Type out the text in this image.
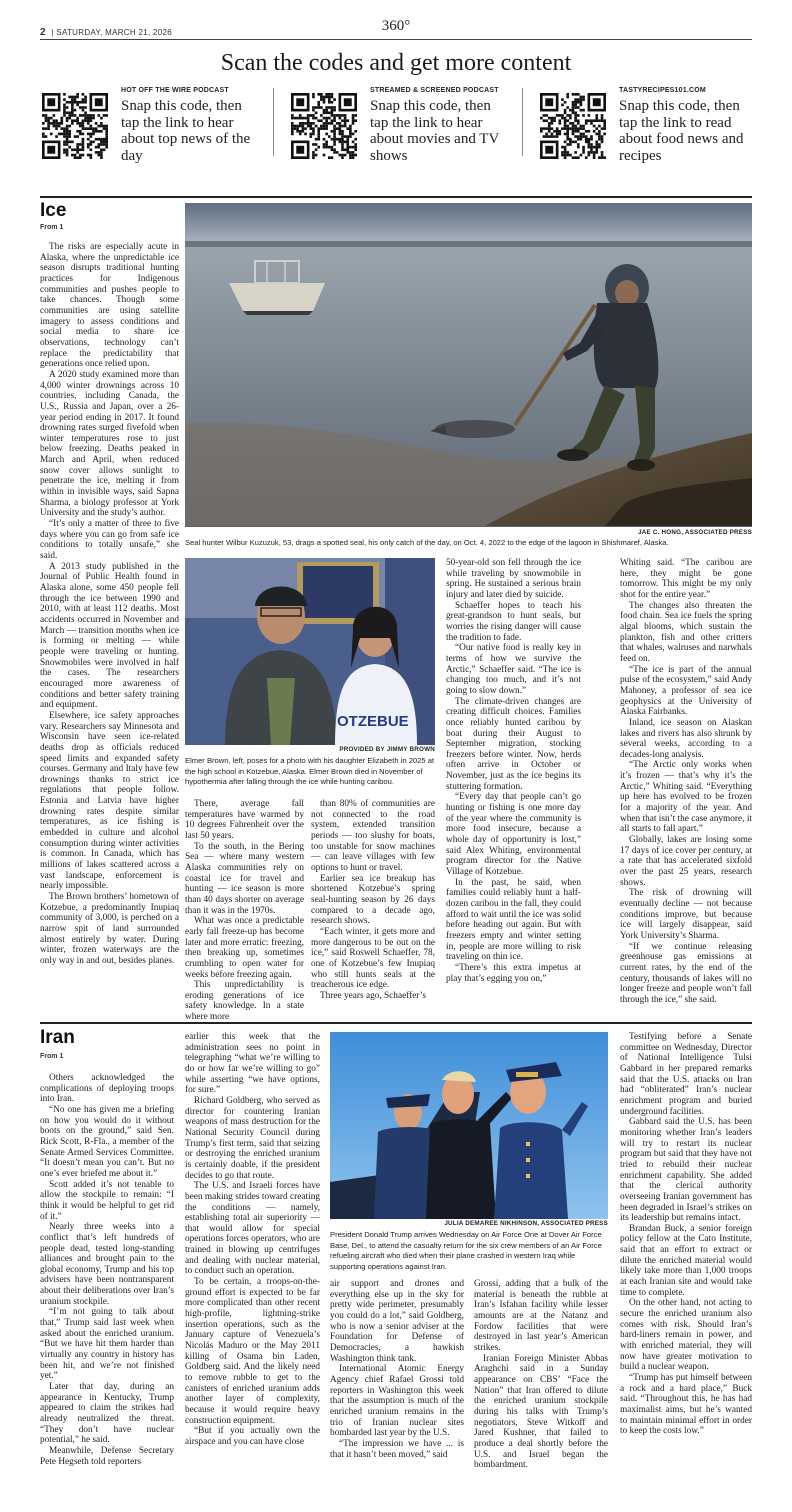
2 | SATURDAY, MARCH 21, 2026	360°
Scan the codes and get more content
HOT OFF THE WIRE PODCAST
Snap this code, then tap the link to hear about top news of the day
STREAMED & SCREENED PODCAST
Snap this code, then tap the link to hear about movies and TV shows
TASTYRECIPES101.COM
Snap this code, then tap the link to read about food news and recipes
Ice
From 1
JAE C. HONG, ASSOCIATED PRESS
Seal hunter Wilbur Kuzuzuk, 53, drags a spotted seal, his only catch of the day, on Oct. 4, 2022 to the edge of the lagoon in Shishmaref, Alaska.
OTZEBUE
PROVIDED BY JIMMY BROWN
Elmer Brown, left, poses for a photo with his daughter Elizabeth in 2025 at the high school in Kotzebue, Alaska. Elmer Brown died in November of hypothermia after falling through the ice while hunting caribou.

The risks are especially acute in Alaska, where the unpredictable ice season disrupts traditional hunting practices for Indigenous communities and pushes people to take chances. Though some communities are using satellite imagery to assess conditions and social media to share ice observations, technology can’t replace the predictability that generations once relied upon.

A 2020 study examined more than 4,000 winter drownings across 10 countries, including Canada, the U.S., Russia and Japan, over a 26-year period ending in 2017. It found drowning rates surged fivefold when winter temperatures rose to just below freezing. Deaths peaked in March and April, when reduced snow cover allows sunlight to penetrate the ice, melting it from within in invisible ways, said Sapna Sharma, a biology professor at York University and the study’s author.

“It’s only a matter of three to five days where you can go from safe ice conditions to totally unsafe,” she said.

A 2013 study published in the Journal of Public Health found in Alaska alone, some 450 people fell through the ice between 1990 and 2010, with at least 112 deaths. Most accidents occurred in November and March — transition months when ice is forming or melting — while people were traveling or hunting. Snowmobiles were involved in half the cases. The researchers encouraged more awareness of conditions and better safety training and equipment.

Elsewhere, ice safety approaches vary. Researchers say Minnesota and Wisconsin have seen ice-related deaths drop as officials reduced speed limits and expanded safety courses. Germany and Italy have few drownings thanks to strict ice regulations that people follow. Estonia and Latvia have higher drowning rates despite similar temperatures, as ice fishing is embedded in culture and alcohol consumption during winter activities is common. In Canada, which has millions of lakes scattered across a vast landscape, enforcement is nearly impossible.

The Brown brothers’ hometown of Kotzebue, a predominantly Inupiaq community of 3,000, is perched on a narrow spit of land surrounded almost entirely by water. During winter, frozen waterways are the only way in and out, besides planes.

There, average fall temperatures have warmed by 10 degrees Fahrenheit over the last 50 years.

To the south, in the Bering Sea — where many western Alaska communities rely on coastal ice for travel and hunting — ice season is more than 40 days shorter on average than it was in the 1970s.

What was once a predictable early fall freeze-up has become later and more erratic: freezing, then breaking up, sometimes crumbling to open water for weeks before freezing again.

This unpredictability is eroding generations of ice safety knowledge. In a state where more

than 80% of communities are not connected to the road system, extended transition periods — too slushy for boats, too unstable for snow machines — can leave villages with few options to hunt or travel.

Earlier sea ice breakup has shortened Kotzebue’s spring seal-hunting season by 26 days compared to a decade ago, research shows.

“Each winter, it gets more and more dangerous to be out on the ice,” said Roswell Schaeffer, 78, one of Kotzebue’s few Inupiaq who still hunts seals at the treacherous ice edge.

Three years ago, Schaeffer’s

50-year-old son fell through the ice while traveling by snowmobile in spring. He sustained a serious brain injury and later died by suicide.

Schaeffer hopes to teach his great-grandson to hunt seals, but worries the rising danger will cause the tradition to fade.

“Our native food is really key in terms of how we survive the Arctic,” Schaeffer said. “The ice is changing too much, and it’s not going to slow down.”

The climate-driven changes are creating difficult choices. Families once reliably hunted caribou by boat during their August to September migration, stocking freezers before winter. Now, herds often arrive in October or November, just as the ice begins its stuttering formation.

“Every day that people can’t go hunting or fishing is one more day of the year where the community is more food insecure, because a whole day of opportunity is lost,” said Alex Whiting, environmental program director for the Native Village of Kotzebue.

In the past, he said, when families could reliably hunt a half-dozen caribou in the fall, they could afford to wait until the ice was solid before heading out again. But with freezers empty and winter setting in, people are more willing to risk traveling on thin ice.

“There’s this extra impetus at play that’s egging you on,”

Whiting said. “The caribou are here, they might be gone tomorrow. This might be my only shot for the entire year.”

The changes also threaten the food chain. Sea ice fuels the spring algal blooms, which sustain the plankton, fish and other critters that whales, walruses and narwhals feed on.

“The ice is part of the annual pulse of the ecosystem,” said Andy Mahoney, a professor of sea ice geophysics at the University of Alaska Fairbanks.

Inland, ice season on Alaskan lakes and rivers has also shrunk by several weeks, according to a decades-long analysis.

“The Arctic only works when it’s frozen — that’s why it’s the Arctic,” Whiting said. “Everything up here has evolved to be frozen for a majority of the year. And when that isn’t the case anymore, it all starts to fall apart.”

Globally, lakes are losing some 17 days of ice cover per century, at a rate that has accelerated sixfold over the past 25 years, research shows.

The risk of drowning will eventually decline — not because conditions improve, but because ice will largely disappear, said York University’s Sharma.

“If we continue releasing greenhouse gas emissions at current rates, by the end of the century, thousands of lakes will no longer freeze and people won’t fall through the ice,” she said.

Iran
From 1
JULIA DEMAREE NIKHINSON, ASSOCIATED PRESS
President Donald Trump arrives Wednesday on Air Force One at Dover Air Force Base, Del., to attend the casualty return for the six crew members of an Air Force refueling aircraft who died when their plane crashed in western Iraq while supporting operations against Iran.

Others acknowledged the complications of deploying troops into Iran.

“No one has given me a briefing on how you would do it without boots on the ground,” said Sen. Rick Scott, R-Fla., a member of the Senate Armed Services Committee. “It doesn’t mean you can’t. But no one’s ever briefed me about it.”

Scott added it’s not tenable to allow the stockpile to remain: “I think it would be helpful to get rid of it.”

Nearly three weeks into a conflict that’s left hundreds of people dead, tested long-standing alliances and brought pain to the global economy, Trump and his top advisers have been nontransparent about their deliberations over Iran’s uranium stockpile.

“I’m not going to talk about that,” Trump said last week when asked about the enriched uranium. “But we have hit them harder than virtually any country in history has been hit, and we’re not finished yet.”

Later that day, during an appearance in Kentucky, Trump appeared to claim the strikes had already neutralized the threat. “They don’t have nuclear potential,” he said.

Meanwhile, Defense Secretary Pete Hegseth told reporters

earlier this week that the administration sees no point in telegraphing “what we’re willing to do or how far we’re willing to go” while asserting “we have options, for sure.”

Richard Goldberg, who served as director for countering Iranian weapons of mass destruction for the National Security Council during Trump’s first term, said that seizing or destroying the enriched uranium is certainly doable, if the president decides to go that route.

The U.S. and Israeli forces have been making strides toward creating the conditions — namely, establishing total air superiority — that would allow for special operations forces operators, who are trained in blowing up centrifuges and dealing with nuclear material, to conduct such an operation.

To be certain, a troops-on-the-ground effort is expected to be far more complicated than other recent high-profile, lightning-strike insertion operations, such as the January capture of Venezuela’s Nicolás Maduro or the May 2011 killing of Osama bin Laden, Goldberg said. And the likely need to remove rubble to get to the canisters of enriched uranium adds another layer of complexity, because it would require heavy construction equipment.

“But if you actually own the airspace and you can have close

air support and drones and everything else up in the sky for pretty wide perimeter, presumably you could do a lot,” said Goldberg, who is now a senior adviser at the Foundation for Defense of Democracies, a hawkish Washington think tank.

International Atomic Energy Agency chief Rafael Grossi told reporters in Washington this week that the assumption is much of the enriched uranium remains in the trio of Iranian nuclear sites bombarded last year by the U.S.

“The impression we have ... is that it hasn’t been moved,” said

Grossi, adding that a bulk of the material is beneath the rubble at Iran’s Isfahan facility while lesser amounts are at the Natanz and Fordow facilities that were destroyed in last year’s American strikes.

Iranian Foreign Minister Abbas Araghchi said in a Sunday appearance on CBS’ “Face the Nation” that Iran offered to dilute the enriched uranium stockpile during his talks with Trump’s negotiators, Steve Witkoff and Jared Kushner, that failed to produce a deal shortly before the U.S. and Israel began the bombardment.

Testifying before a Senate committee on Wednesday, Director of National Intelligence Tulsi Gabbard in her prepared remarks said that the U.S. attacks on Iran had “obliterated” Iran’s nuclear enrichment program and buried underground facilities.

Gabbard said the U.S. has been monitoring whether Iran’s leaders will try to restart its nuclear program but said that they have not tried to rebuild their nuclear enrichment capability. She added that the clerical authority overseeing Iranian government has been degraded in Israel’s strikes on its leadership but remains intact.

Brandan Buck, a senior foreign policy fellow at the Cato Institute, said that an effort to extract or dilute the enriched material would likely take more than 1,000 troops at each Iranian site and would take time to complete.

On the other hand, not acting to secure the enriched uranium also comes with risk. Should Iran’s hard-liners remain in power, and with enriched material, they will now have greater motivation to build a nuclear weapon.

“Trump has put himself between a rock and a hard place,” Buck said. “Throughout this, he has had maximalist aims, but he’s wanted to maintain minimal effort in order to keep the costs low.”
